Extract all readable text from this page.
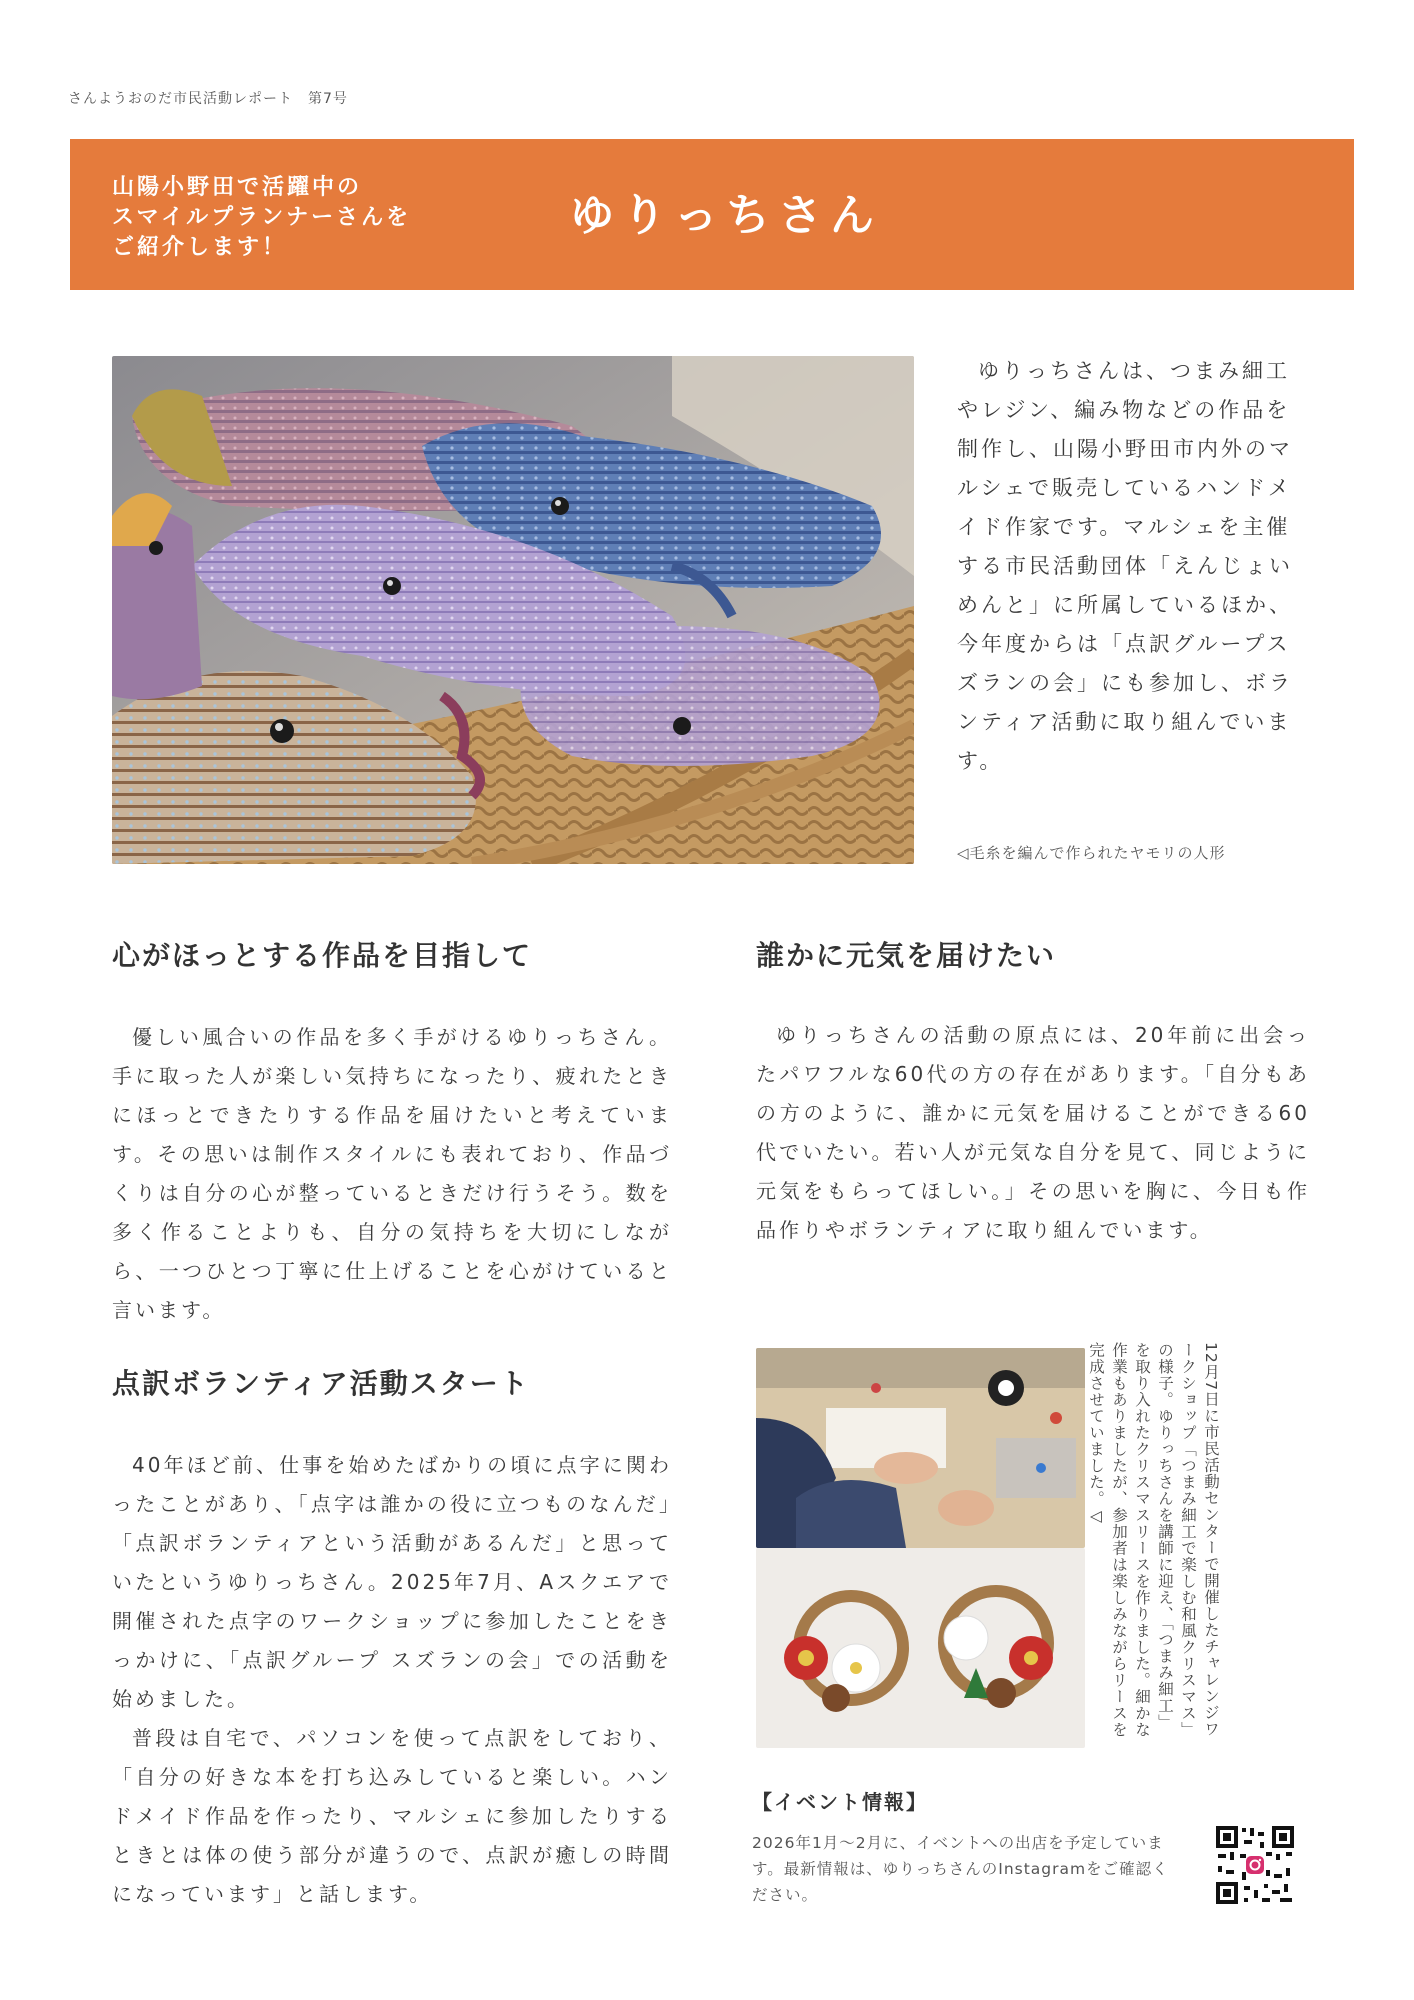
さんようおのだ市民活動レポート　第7号
山陽小野田で活躍中の
スマイルプランナーさんを
ご紹介します！
ゆりっちさん
ゆりっちさんは、つまみ細工やレジン、編み物などの作品を制作し、山陽小野田市内外のマルシェで販売しているハンドメイド作家です。マルシェを主催する市民活動団体「えんじょいめんと」に所属しているほか、今年度からは「点訳グループスズランの会」にも参加し、ボランティア活動に取り組んでいます。
◁毛糸を編んで作られたヤモリの人形
心がほっとする作品を目指して

優しい風合いの作品を多く手がけるゆりっちさん。手に取った人が楽しい気持ちになったり、疲れたときにほっとできたりする作品を届けたいと考えています。その思いは制作スタイルにも表れており、作品づくりは自分の心が整っているときだけ行うそう。数を多く作ることよりも、自分の気持ちを大切にしながら、一つひとつ丁寧に仕上げることを心がけていると言います。

点訳ボランティア活動スタート

40年ほど前、仕事を始めたばかりの頃に点字に関わったことがあり、「点字は誰かの役に立つものなんだ」「点訳ボランティアという活動があるんだ」と思っていたというゆりっちさん。2025年7月、Aスクエアで開催された点字のワークショップに参加したことをきっかけに、「点訳グループ スズランの会」での活動を始めました。

普段は自宅で、パソコンを使って点訳をしており、「自分の好きな本を打ち込みしていると楽しい。ハンドメイド作品を作ったり、マルシェに参加したりするときとは体の使う部分が違うので、点訳が癒しの時間になっています」と話します。

誰かに元気を届けたい

ゆりっちさんの活動の原点には、20年前に出会ったパワフルな60代の方の存在があります。「自分もあの方のように、誰かに元気を届けることができる60代でいたい。若い人が元気な自分を見て、同じように元気をもらってほしい。」その思いを胸に、今日も作品作りやボランティアに取り組んでいます。

12月7日に市民活動センターで開催したチャレンジワークショップ「つまみ細工で楽しむ和風クリスマス」の様子。ゆりっちさんを講師に迎え、「つまみ細工」を取り入れたクリスマスリースを作りました。細かな作業もありましたが、参加者は楽しみながらリースを完成させていました。◁
【イベント情報】
2026年1月～2月に、イベントへの出店を予定しています。最新情報は、ゆりっちさんのInstagramをご確認ください。
